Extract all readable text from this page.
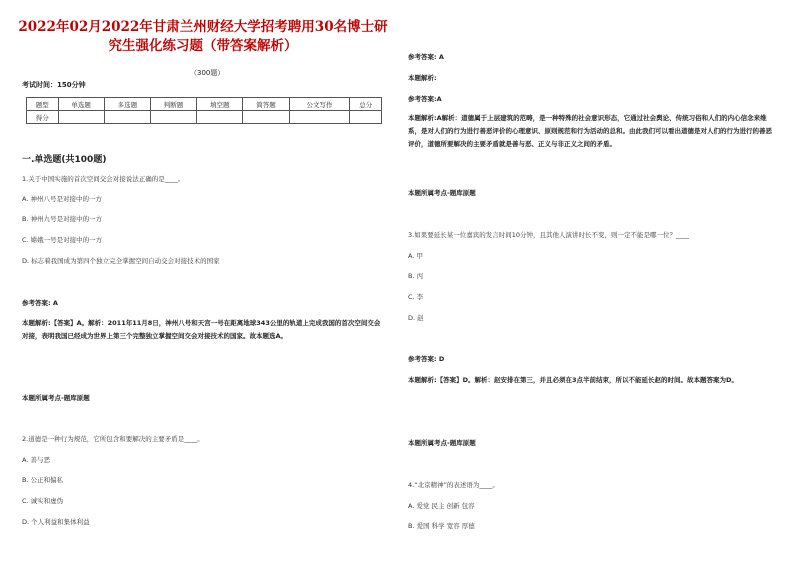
2022年02月2022年甘肃兰州财经大学招考聘用30名博士研究生强化练习题（带答案解析）
（300题）
考试时间：150分钟
题型	单选题	多选题	判断题	填空题	简答题	公文写作	总分
得分							
一.单选题(共100题)
1.关于中国实施的首次空间交会对接说法正确的是____。
A. 神州八号是对接中的一方
B. 神州九号是对接中的一方
C. 嫦娥一号是对接中的一方
D. 标志着我国成为第四个独立完全掌握空间自动交会对接技术的国家
参考答案: A
本题解析:【答案】A。解析：2011年11月8日，神州八号和天宫一号在距离地球343公里的轨道上完成我国的首次空间交会对接，表明我国已经成为世界上第三个完整独立掌握空间交会对接技术的国家。故本题选A。
本题所属考点-题库原题
2.道德是一种行为规范，它所包含和要解决的主要矛盾是____。
A. 善与恶
B. 公正和偏私
C. 诚实和虚伪
D. 个人利益和集体利益
参考答案: A
本题解析:
参考答案:A
本题解析:A解析：道德属于上层建筑的范畴，是一种特殊的社会意识形态，它通过社会舆论、传统习俗和人们的内心信念来维系，是对人们的行为进行善恶评价的心理意识、原则规范和行为活动的总和。由此我们可以看出道德是对人们的行为进行的善恶评价，道德所要解决的主要矛盾就是善与恶、正义与非正义之间的矛盾。
本题所属考点-题库原题
3.如果要延长某一位嘉宾的发言时间10分钟，且其他人演讲时长不变，则一定不能是哪一位？____
A. 甲
B. 丙
C. 李
D. 赵
参考答案: D
本题解析:【答案】D。解析：赵安排在第三，并且必须在3点半前结束，所以不能延长赵的时间。故本题答案为D。
本题所属考点-题库原题
4.“北京精神”的表述语为____。
A. 爱党 民主 创新 包容
B. 爱国 科学 宽容 厚德
